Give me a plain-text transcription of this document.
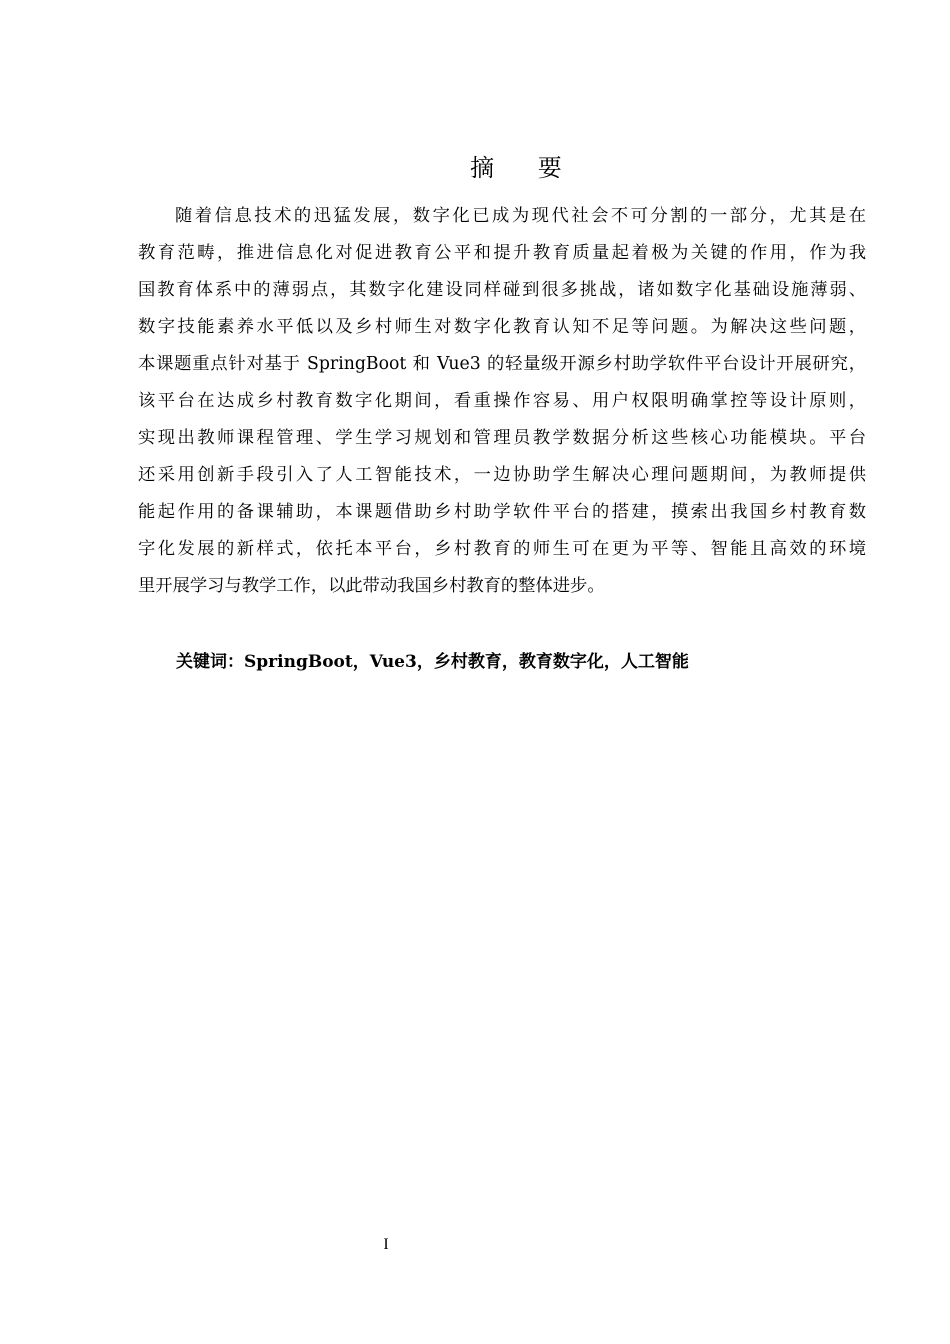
摘 要
随着信息技术的迅猛发展，数字化已成为现代社会不可分割的一部分，尤其是在
教育范畴，推进信息化对促进教育公平和提升教育质量起着极为关键的作用，作为我
国教育体系中的薄弱点，其数字化建设同样碰到很多挑战，诸如数字化基础设施薄弱、
数字技能素养水平低以及乡村师生对数字化教育认知不足等问题。为解决这些问题，
本课题重点针对基于 SpringBoot 和 Vue3 的轻量级开源乡村助学软件平台设计开展研究，
该平台在达成乡村教育数字化期间，看重操作容易、用户权限明确掌控等设计原则，
实现出教师课程管理、学生学习规划和管理员教学数据分析这些核心功能模块。平台
还采用创新手段引入了人工智能技术，一边协助学生解决心理问题期间，为教师提供
能起作用的备课辅助，本课题借助乡村助学软件平台的搭建，摸索出我国乡村教育数
字化发展的新样式，依托本平台，乡村教育的师生可在更为平等、智能且高效的环境
里开展学习与教学工作，以此带动我国乡村教育的整体进步。
关键词：SpringBoot，Vue3，乡村教育，教育数字化，人工智能
I
